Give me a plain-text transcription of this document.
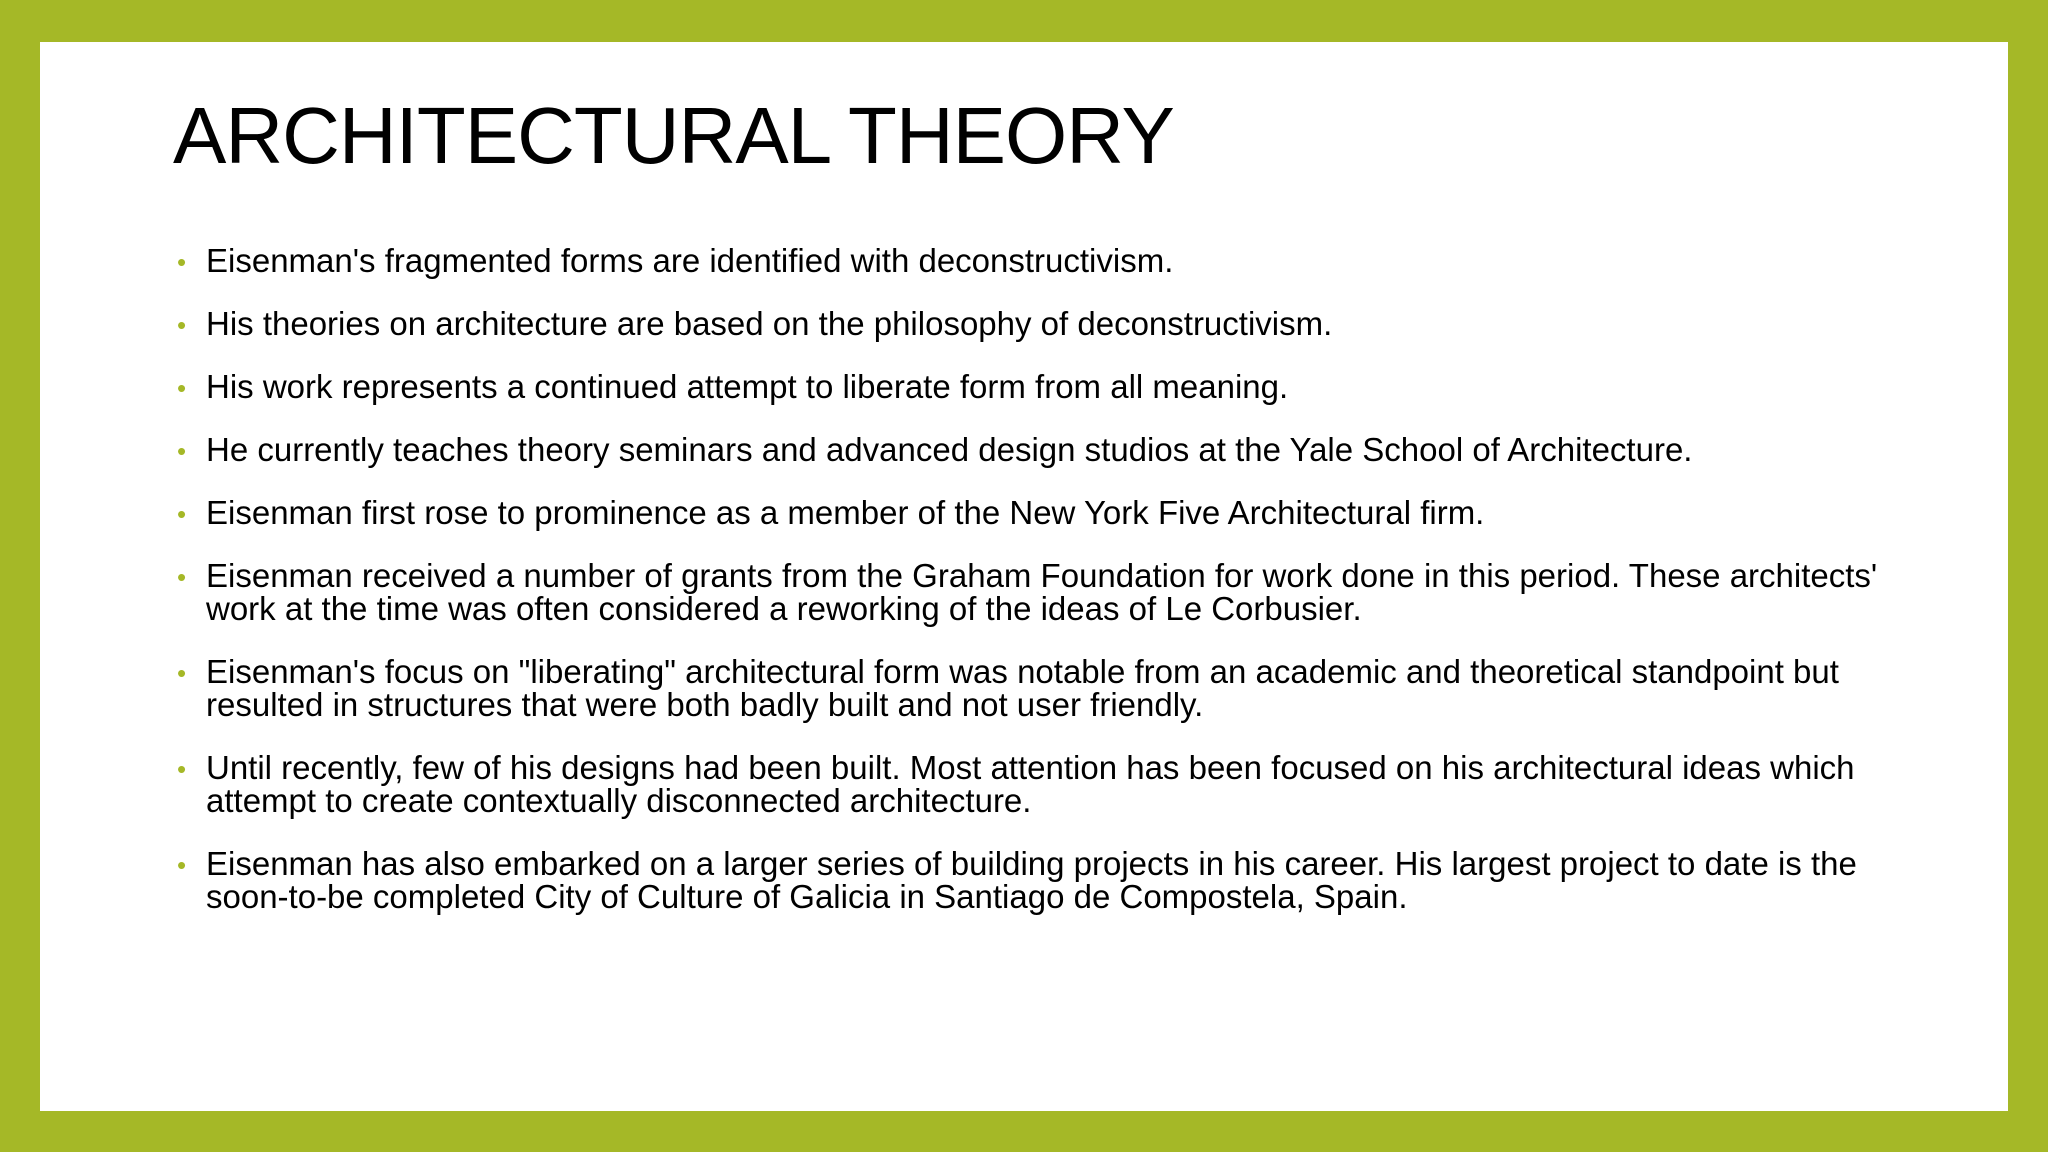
ARCHITECTURAL THEORY
• Eisenman's fragmented forms are identified with deconstructivism.
• His theories on architecture are based on the philosophy of deconstructivism.
• His work represents a continued attempt to liberate form from all meaning.
• He currently teaches theory seminars and advanced design studios at the Yale School of Architecture.
• Eisenman first rose to prominence as a member of the New York Five Architectural firm.
• Eisenman received a number of grants from the Graham Foundation for work done in this period. These architects' work at the time was often considered a reworking of the ideas of Le Corbusier.
• Eisenman's focus on "liberating" architectural form was notable from an academic and theoretical standpoint but resulted in structures that were both badly built and not user friendly.
• Until recently, few of his designs had been built. Most attention has been focused on his architectural ideas which attempt to create contextually disconnected architecture.
• Eisenman has also embarked on a larger series of building projects in his career. His largest project to date is the soon-to-be completed City of Culture of Galicia in Santiago de Compostela, Spain.
